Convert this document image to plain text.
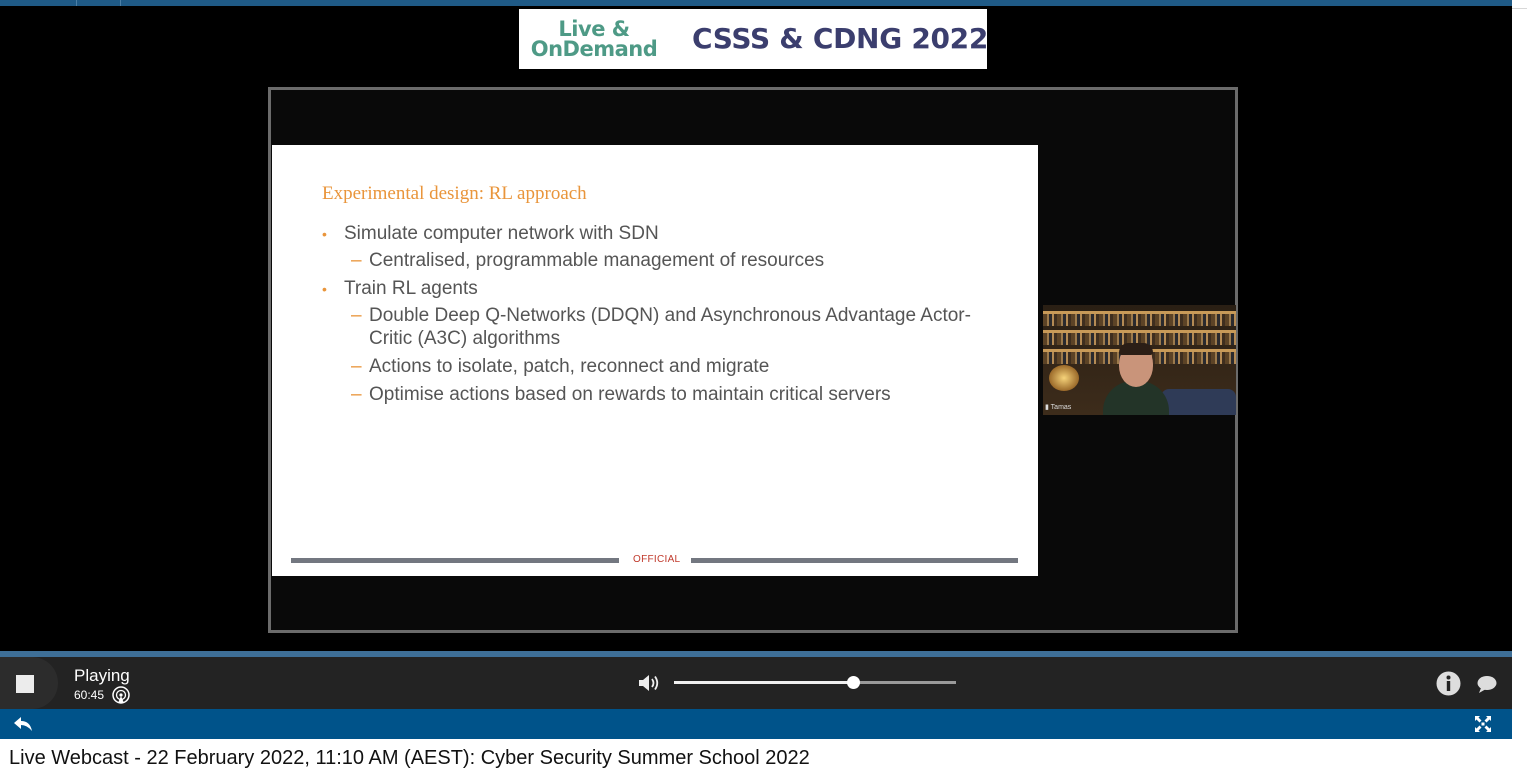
Live &
OnDemand CSSS & CDNG 2022
Experimental design: RL approach
• Simulate computer network with SDN
– Centralised, programmable management of resources
• Train RL agents
– Double Deep Q-Networks (DDQN) and Asynchronous Advantage Actor-Critic (A3C) algorithms
– Actions to isolate, patch, reconnect and migrate
– Optimise actions based on rewards to maintain critical servers
OFFICIAL
▮ Tamas
Playing
60:45
Live Webcast - 22 February 2022, 11:10 AM (AEST): Cyber Security Summer School 2022
